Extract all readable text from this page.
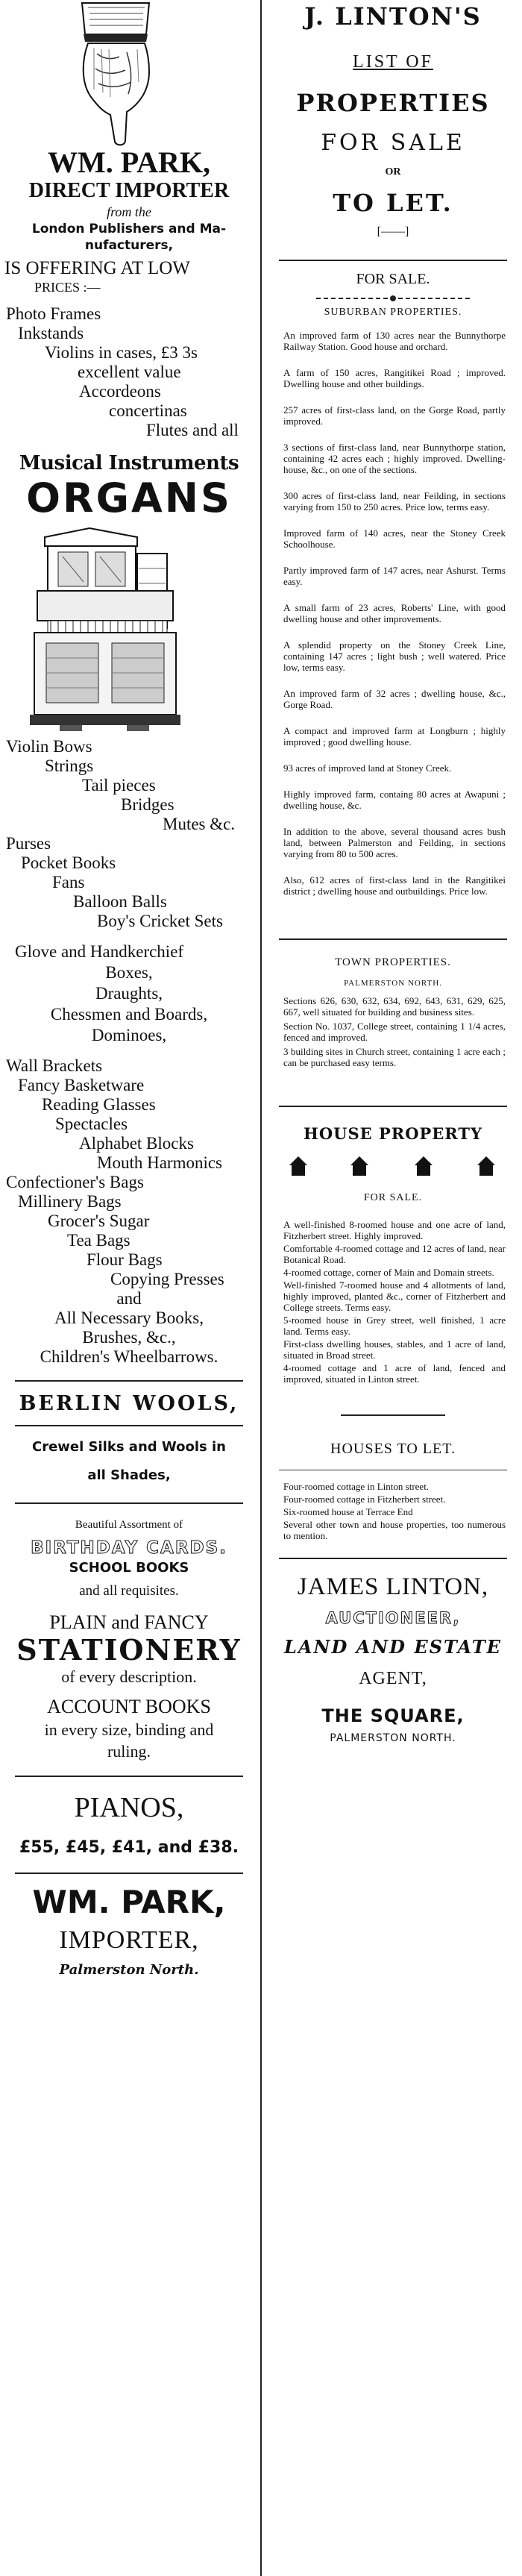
WM. PARK,
DIRECT IMPORTER
from the
London Publishers and Ma-
nufacturers,
IS OFFERING AT LOW
PRICES :—
Photo Frames
Inkstands
Violins in cases, £3 3s
excellent value
Accordeons
concertinas
Flutes and all
Musical Instruments
ORGANS
Violin Bows
Strings
Tail pieces
Bridges
Mutes &c.
Purses
Pocket Books
Fans
Balloon Balls
Boy's Cricket Sets
Glove and Handkerchief
Boxes,
Draughts,
Chessmen and Boards,
Dominoes,
Wall Brackets
Fancy Basketware
Reading Glasses
Spectacles
Alphabet Blocks
Mouth Harmonics
Confectioner's Bags
Millinery Bags
Grocer's Sugar
Tea Bags
Flour Bags
Copying Presses
and
All Necessary Books,
Brushes, &c.,
Children's Wheelbarrows.
BERLIN WOOLS,
Crewel Silks and Wools in
all Shades,
Beautiful Assortment of
BIRTHDAY CARDS.
SCHOOL BOOKS
and all requisites.
PLAIN and FANCY
STATIONERY
of every description.
ACCOUNT BOOKS
in every size, binding and
ruling.
PIANOS,
£55, £45, £41, and £38.
WM. PARK,
IMPORTER,
Palmerston North.
J. LINTON'S
LIST OF
PROPERTIES
FOR SALE
OR
TO LET.
[——]
FOR SALE.
SUBURBAN PROPERTIES.

An improved farm of 130 acres near the Bunnythorpe Railway Station. Good house and orchard.

A farm of 150 acres, Rangitikei Road ; improved. Dwelling house and other buildings.

257 acres of first-class land, on the Gorge Road, partly improved.

3 sections of first-class land, near Bunnythorpe station, containing 42 acres each ; highly improved. Dwelling-house, &c., on one of the sections.

300 acres of first-class land, near Feilding, in sections varying from 150 to 250 acres. Price low, terms easy.

Improved farm of 140 acres, near the Stoney Creek Schoolhouse.

Partly improved farm of 147 acres, near Ashurst. Terms easy.

A small farm of 23 acres, Roberts' Line, with good dwelling house and other improvements.

A splendid property on the Stoney Creek Line, containing 147 acres ; light bush ; well watered. Price low, terms easy.

An improved farm of 32 acres ; dwelling house, &c., Gorge Road.

A compact and improved farm at Longburn ; highly improved ; good dwelling house.

93 acres of improved land at Stoney Creek.

Highly improved farm, containg 80 acres at Awapuni ; dwelling house, &c.

In addition to the above, several thousand acres bush land, between Palmerston and Feilding, in sections varying from 80 to 500 acres.

Also, 612 acres of first-class land in the Rangitikei district ; dwelling house and outbuildings. Price low.

TOWN PROPERTIES.
PALMERSTON NORTH.

Sections 626, 630, 632, 634, 692, 643, 631, 629, 625, 667, well situated for building and business sites.

Section No. 1037, College street, containing 1 1/4 acres, fenced and improved.

3 building sites in Church street, containing 1 acre each ; can be purchased easy terms.

HOUSE PROPERTY
FOR SALE.

A well-finished 8-roomed house and one acre of land, Fitzherbert street. Highly improved.

Comfortable 4-roomed cottage and 12 acres of land, near Botanical Road.

4-roomed cottage, corner of Main and Domain streets.

Well-finished 7-roomed house and 4 allotments of land, highly improved, planted &c., corner of Fitzherbert and College streets. Terms easy.

5-roomed house in Grey street, well finished, 1 acre land. Terms easy.

First-class dwelling houses, stables, and 1 acre of land, situated in Broad street.

4-roomed cottage and 1 acre of land, fenced and improved, situated in Linton street.

HOUSES TO LET.

Four-roomed cottage in Linton street.

Four-roomed cottage in Fitzherbert street.

Six-roomed house at Terrace End

Several other town and house properties, too numerous to mention.

JAMES LINTON,
AUCTIONEER,
LAND AND ESTATE
AGENT,
THE SQUARE,
PALMERSTON NORTH.
